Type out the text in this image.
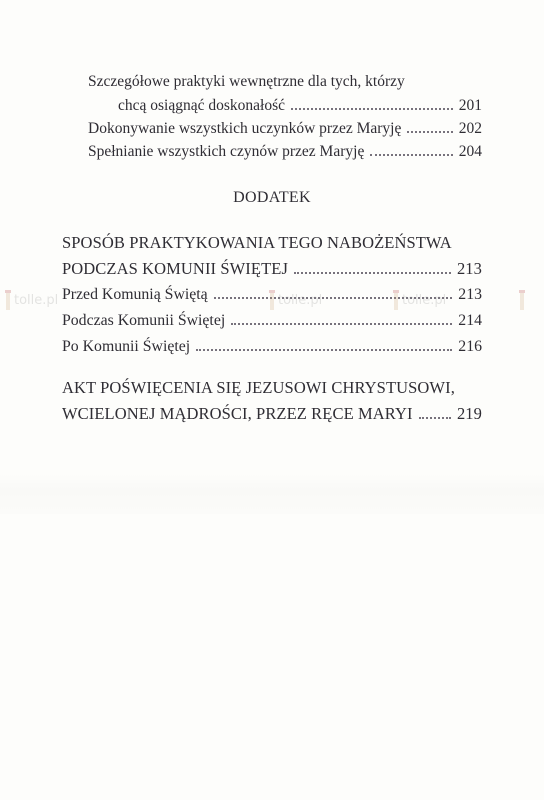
Szczegółowe praktyki wewnętrzne dla tych, którzy
chcą osiągnąć doskonałość	201
Dokonywanie wszystkich uczynków przez Maryję	202
Spełnianie wszystkich czynów przez Maryję	204
DODATEK
SPOSÓB PRAKTYKOWANIA TEGO NABOŻEŃSTWA
PODCZAS KOMUNII ŚWIĘTEJ	213
Przed Komunią Świętą	213
Podczas Komunii Świętej	214
Po Komunii Świętej	216
AKT POŚWIĘCENIA SIĘ JEZUSOWI CHRYSTUSOWI,
WCIELONEJ MĄDROŚCI, PRZEZ RĘCE MARYI	219
tolle.pl	tolle.pl	tolle.pl
